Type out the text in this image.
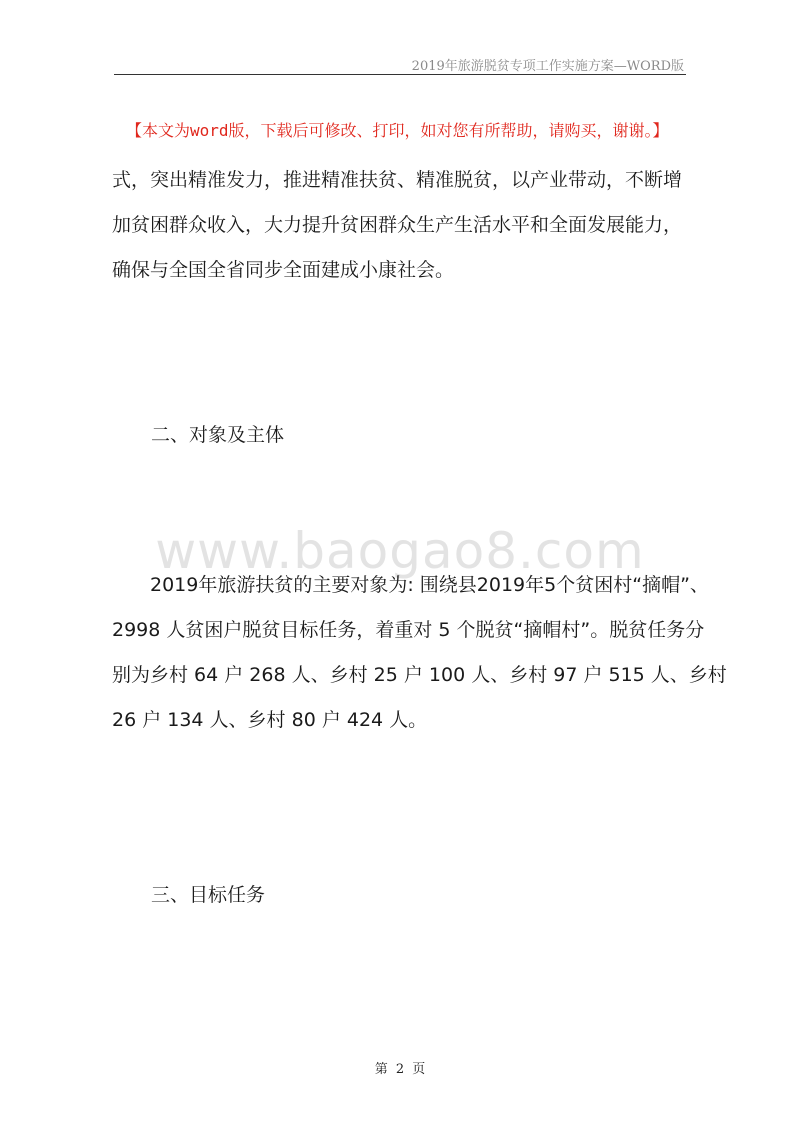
2019年旅游脱贫专项工作实施方案—WORD版
【本文为word版，下载后可修改、打印，如对您有所帮助，请购买，谢谢。】
式，突出精准发力，推进精准扶贫、精准脱贫，以产业带动，不断增
加贫困群众收入，大力提升贫困群众生产生活水平和全面发展能力，
确保与全国全省同步全面建成小康社会。
二、对象及主体
www.baogao8.com
　　2019年旅游扶贫的主要对象为: 围绕县2019年5个贫困村“摘帽”、
2998 人贫困户脱贫目标任务，着重对 5 个脱贫“摘帽村”。脱贫任务分
别为乡村 64 户 268 人、乡村 25 户 100 人、乡村 97 户 515 人、乡村
26 户 134 人、乡村 80 户 424 人。
三、目标任务
第 2 页
